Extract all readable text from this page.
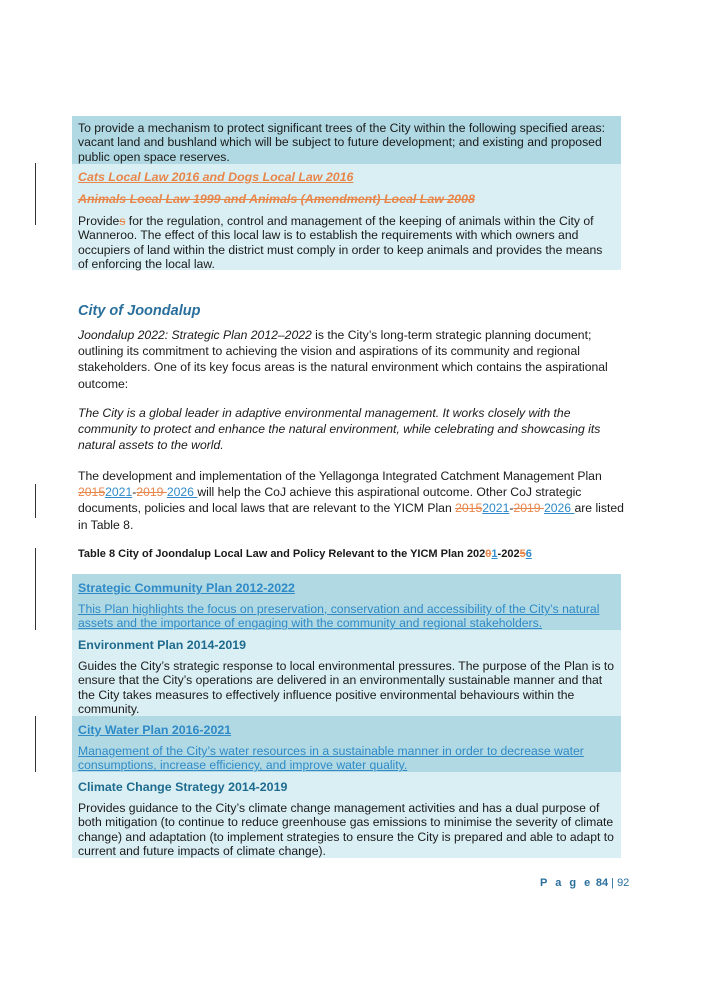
To provide a mechanism to protect significant trees of the City within the following specified areas: vacant land and bushland which will be subject to future development; and existing and proposed public open space reserves.

Cats Local Law 2016 and Dogs Local Law 2016
Animals Local Law 1999 and Animals (Amendment) Local Law 2008

Provides for the regulation, control and management of the keeping of animals within the City of Wanneroo. The effect of this local law is to establish the requirements with which owners and occupiers of land within the district must comply in order to keep animals and provides the means of enforcing the local law.

City of Joondalup

Joondalup 2022: Strategic Plan 2012–2022 is the City’s long-term strategic planning document; outlining its commitment to achieving the vision and aspirations of its community and regional stakeholders. One of its key focus areas is the natural environment which contains the aspirational outcome:

The City is a global leader in adaptive environmental management. It works closely with the community to protect and enhance the natural environment, while celebrating and showcasing its natural assets to the world.

The development and implementation of the Yellagonga Integrated Catchment Management Plan 20152021-2019 2026 will help the CoJ achieve this aspirational outcome. Other CoJ strategic documents, policies and local laws that are relevant to the YICM Plan 20152021-2019 2026 are listed in Table 8.

Table 8 City of Joondalup Local Law and Policy Relevant to the YICM Plan 20201-20256

Strategic Community Plan 2012-2022

This Plan highlights the focus on preservation, conservation and accessibility of the City’s natural assets and the importance of engaging with the community and regional stakeholders.

Environment Plan 2014-2019

Guides the City’s strategic response to local environmental pressures. The purpose of the Plan is to ensure that the City’s operations are delivered in an environmentally sustainable manner and that the City takes measures to effectively influence positive environmental behaviours within the community.

City Water Plan 2016-2021

Management of the City’s water resources in a sustainable manner in order to decrease water consumptions, increase efficiency, and improve water quality.

Climate Change Strategy 2014-2019

Provides guidance to the City’s climate change management activities and has a dual purpose of both mitigation (to continue to reduce greenhouse gas emissions to minimise the severity of climate change) and adaptation (to implement strategies to ensure the City is prepared and able to adapt to current and future impacts of climate change).

P a g e 84 | 92
